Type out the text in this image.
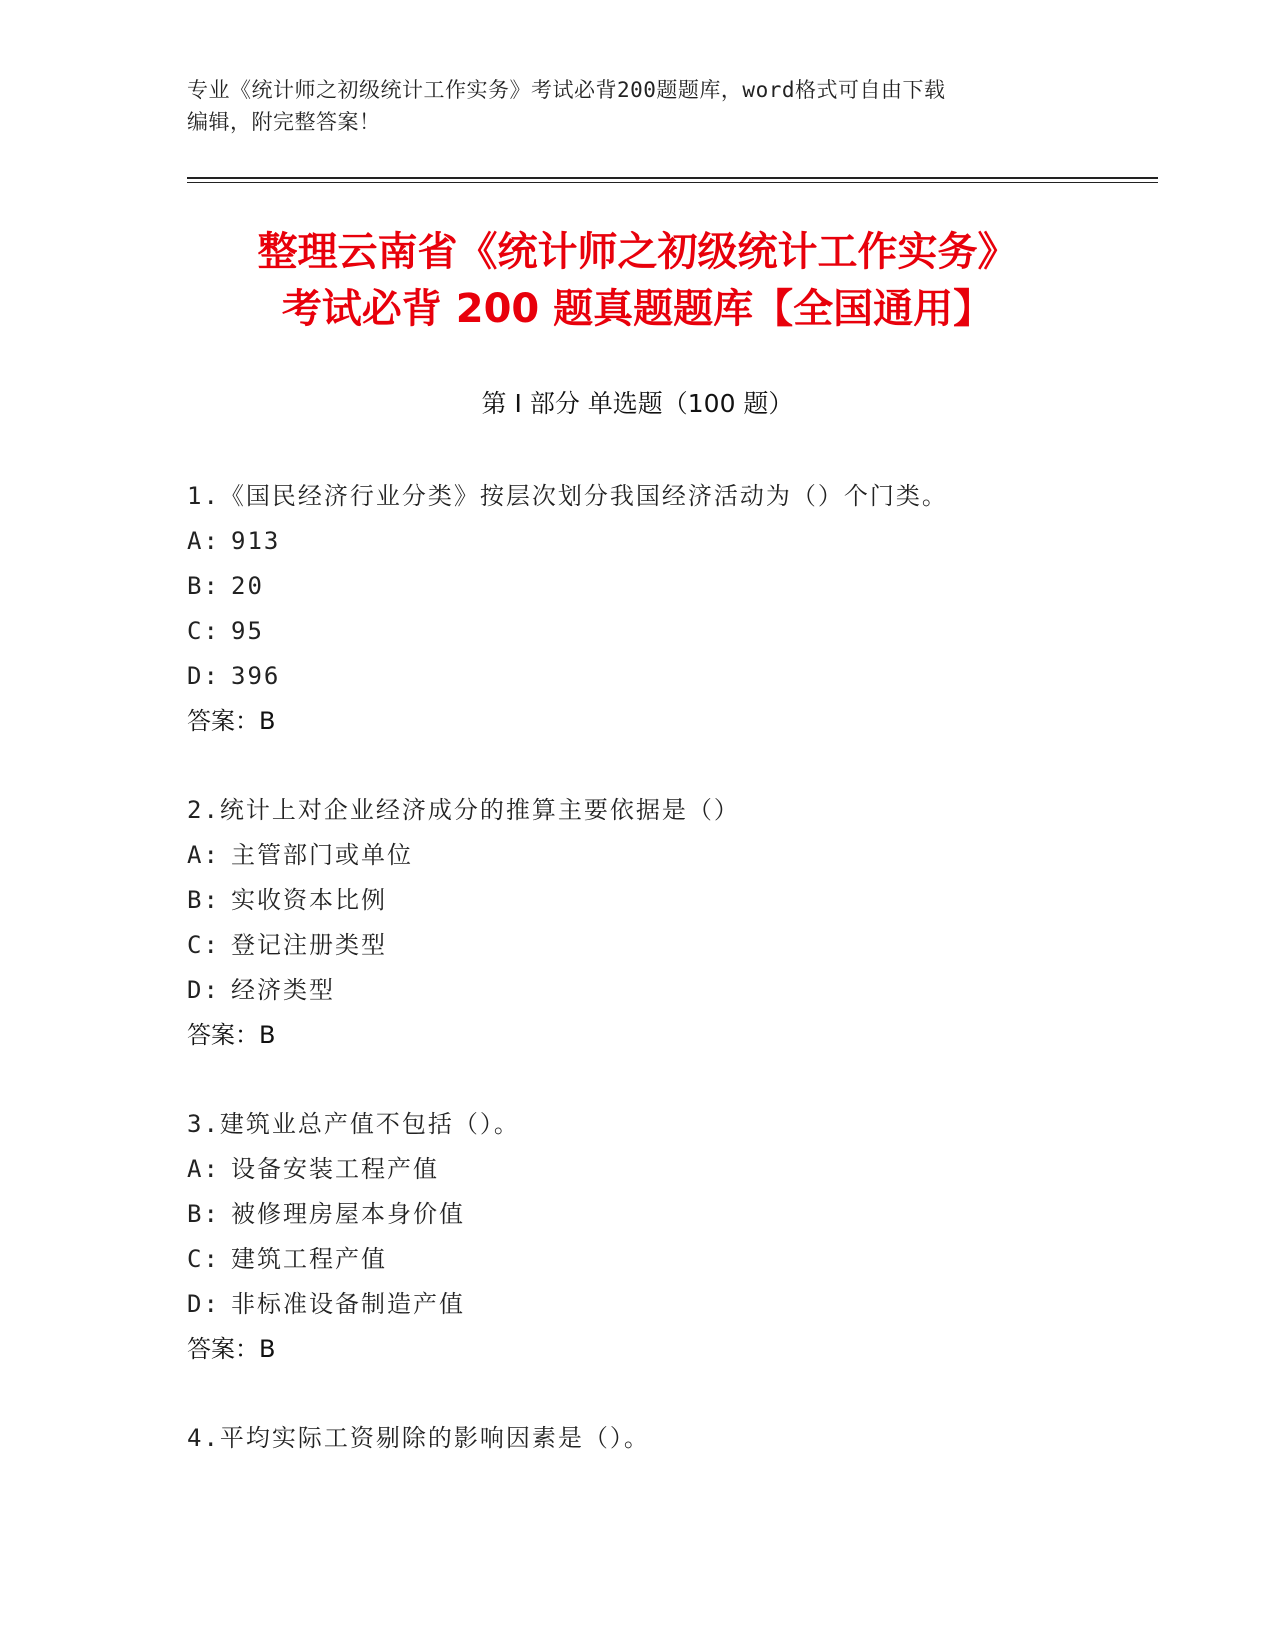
专业《统计师之初级统计工作实务》考试必背200题题库，word格式可自由下载
编辑，附完整答案！
整理云南省《统计师之初级统计工作实务》
考试必背 200 题真题题库【全国通用】
第 I 部分 单选题（100 题）
1.《国民经济行业分类》按层次划分我国经济活动为（）个门类。
A: 913
B: 20
C: 95
D: 396
答案：B
2.统计上对企业经济成分的推算主要依据是（）
A: 主管部门或单位
B: 实收资本比例
C: 登记注册类型
D: 经济类型
答案：B
3.建筑业总产值不包括（）。
A: 设备安装工程产值
B: 被修理房屋本身价值
C: 建筑工程产值
D: 非标准设备制造产值
答案：B
4.平均实际工资剔除的影响因素是（）。
